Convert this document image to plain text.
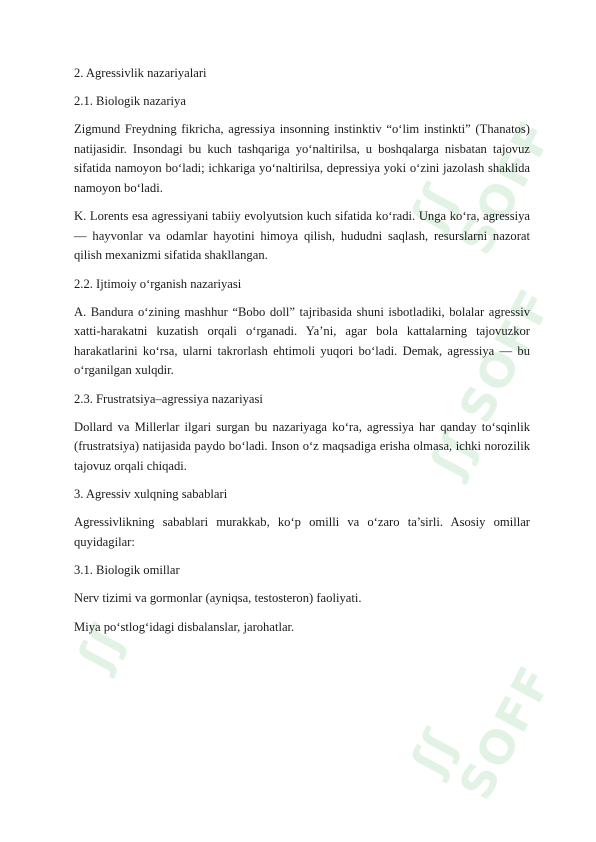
ʃʃ SOFF
ʃʃ SOFF
ʃʃ
ʃʃ SOFF

2. Agressivlik nazariyalari

2.1. Biologik nazariya

Zigmund Freydning fikricha, agressiya insonning instinktiv “o‘lim instinkti” (Thanatos) natijasidir. Insondagi bu kuch tashqariga yo‘naltirilsa, u boshqalarga nisbatan tajovuz sifatida namoyon bo‘ladi; ichkariga yo‘naltirilsa, depressiya yoki o‘zini jazolash shaklida namoyon bo‘ladi.

K. Lorents esa agressiyani tabiiy evolyutsion kuch sifatida ko‘radi. Unga ko‘ra, agressiya — hayvonlar va odamlar hayotini himoya qilish, hududni saqlash, resurslarni nazorat qilish mexanizmi sifatida shakllangan.

2.2. Ijtimoiy o‘rganish nazariyasi

A. Bandura o‘zining mashhur “Bobo doll” tajribasida shuni isbotladiki, bolalar agressiv xatti-harakatni kuzatish orqali o‘rganadi. Ya’ni, agar bola kattalarning tajovuzkor harakatlarini ko‘rsa, ularni takrorlash ehtimoli yuqori bo‘ladi. Demak, agressiya — bu o‘rganilgan xulqdir.

2.3. Frustratsiya–agressiya nazariyasi

Dollard va Millerlar ilgari surgan bu nazariyaga ko‘ra, agressiya har qanday to‘sqinlik (frustratsiya) natijasida paydo bo‘ladi. Inson o‘z maqsadiga erisha olmasa, ichki norozilik tajovuz orqali chiqadi.

3. Agressiv xulqning sabablari

Agressivlikning sabablari murakkab, ko‘p omilli va o‘zaro ta’sirli. Asosiy omillar quyidagilar:

3.1. Biologik omillar

Nerv tizimi va gormonlar (ayniqsa, testosteron) faoliyati.

Miya po‘stlog‘idagi disbalanslar, jarohatlar.
